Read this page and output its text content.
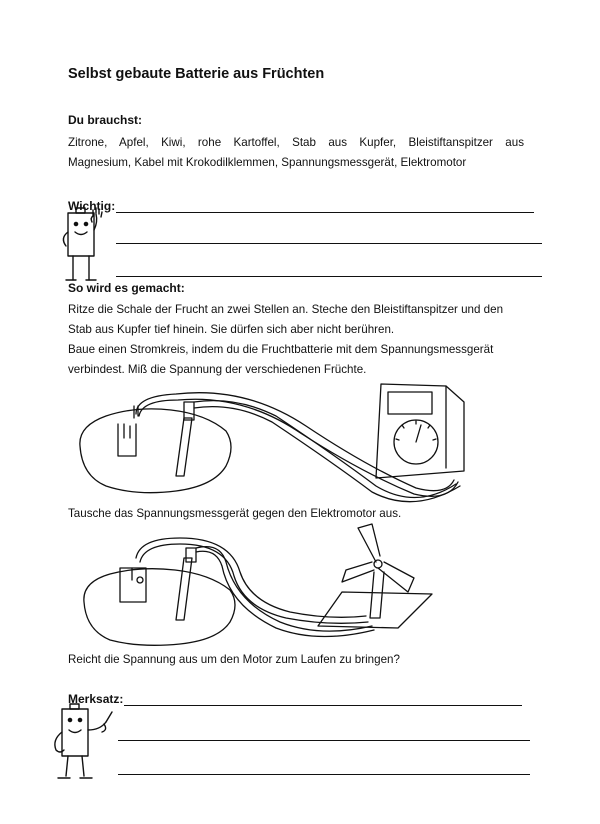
Selbst gebaute Batterie aus Früchten
Du brauchst:
Zitrone, Apfel, Kiwi, rohe Kartoffel, Stab aus Kupfer, Bleistiftanspitzer aus
Magnesium, Kabel mit Krokodilklemmen, Spannungsmessgerät, Elektromotor
Wichtig:
So wird es gemacht:
Ritze die Schale der Frucht an zwei Stellen an. Steche den Bleistiftanspitzer und den
Stab aus Kupfer tief hinein. Sie dürfen sich aber nicht berühren.
Baue einen Stromkreis, indem du die Fruchtbatterie mit dem Spannungsmessgerät
verbindest. Miß die Spannung der verschiedenen Früchte.
Tausche das Spannungsmessgerät gegen den Elektromotor aus.
Reicht die Spannung aus um den Motor zum Laufen zu bringen?
Merksatz:
